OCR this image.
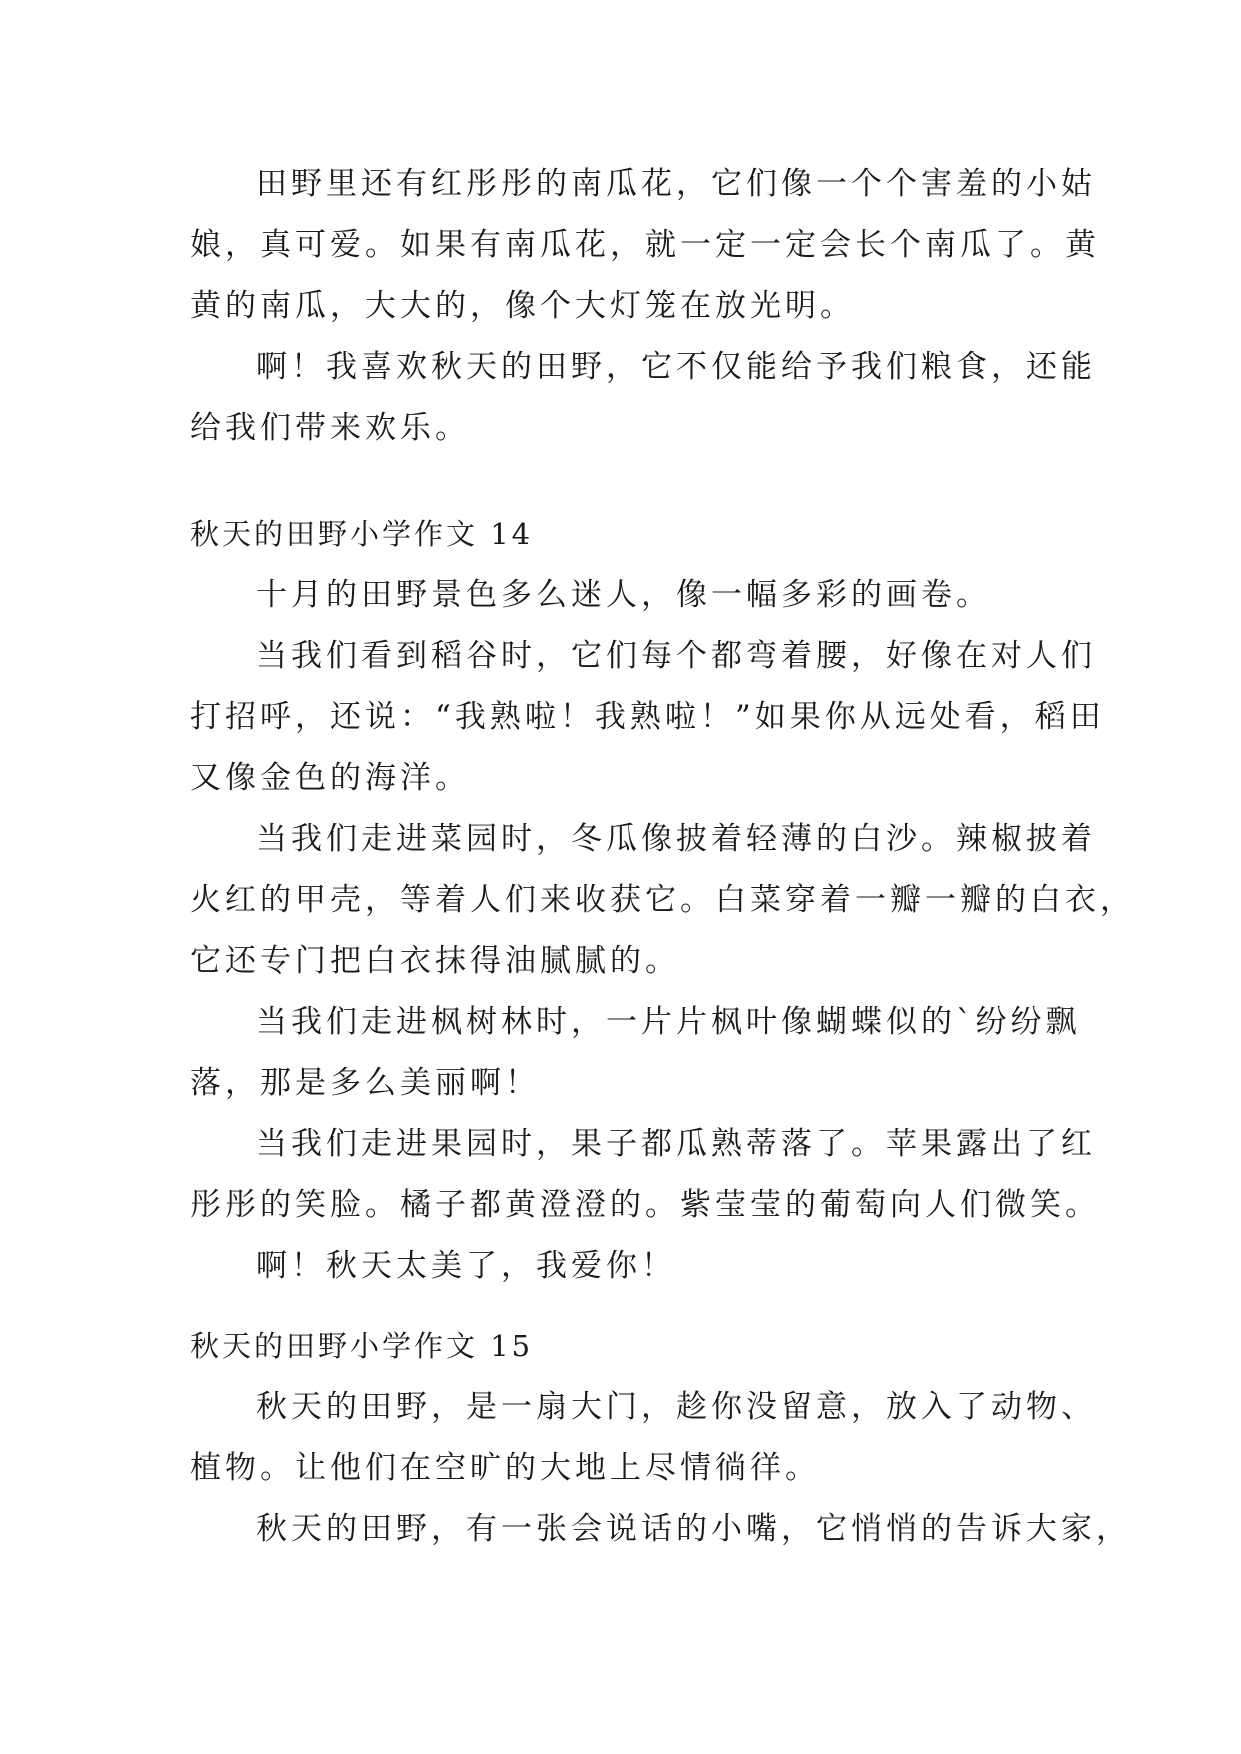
田野里还有红彤彤的南瓜花，它们像一个个害羞的小姑
娘，真可爱。如果有南瓜花，就一定一定会长个南瓜了。黄
黄的南瓜，大大的，像个大灯笼在放光明。
啊！我喜欢秋天的田野，它不仅能给予我们粮食，还能
给我们带来欢乐。
秋天的田野小学作文 14
十月的田野景色多么迷人，像一幅多彩的画卷。
当我们看到稻谷时，它们每个都弯着腰，好像在对人们
打招呼，还说：“我熟啦！我熟啦！”如果你从远处看，稻田
又像金色的海洋。
当我们走进菜园时，冬瓜像披着轻薄的白沙。辣椒披着
火红的甲壳，等着人们来收获它。白菜穿着一瓣一瓣的白衣，
它还专门把白衣抹得油腻腻的。
当我们走进枫树林时，一片片枫叶像蝴蝶似的`纷纷飘
落，那是多么美丽啊！
当我们走进果园时，果子都瓜熟蒂落了。苹果露出了红
彤彤的笑脸。橘子都黄澄澄的。紫莹莹的葡萄向人们微笑。
啊！秋天太美了，我爱你！
秋天的田野小学作文 15
秋天的田野，是一扇大门，趁你没留意，放入了动物、
植物。让他们在空旷的大地上尽情徜徉。
秋天的田野，有一张会说话的小嘴，它悄悄的告诉大家，
